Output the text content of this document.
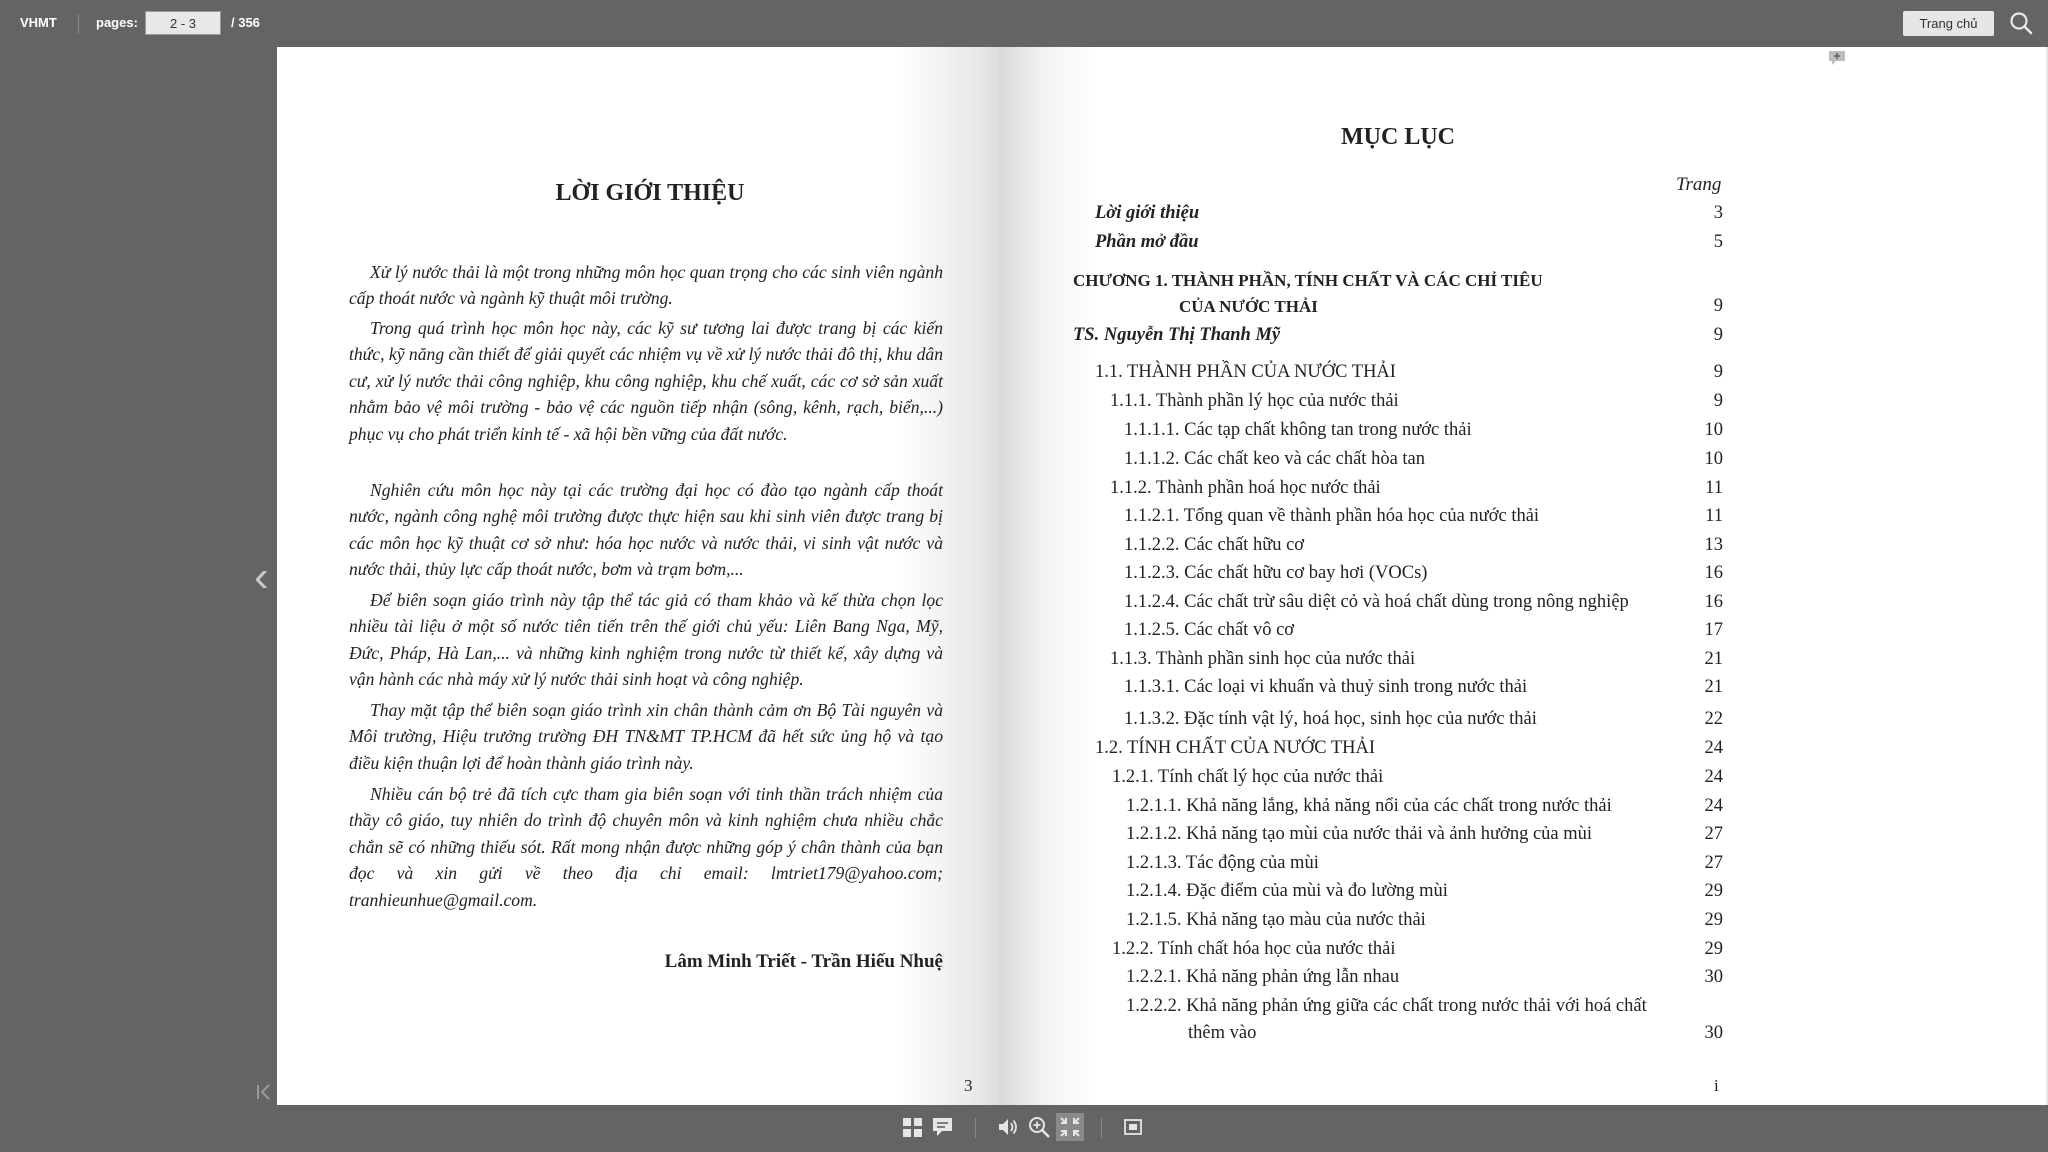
VHMT	pages:
2 - 3	/ 356	Trang chủ
‹
LỜI GIỚI THIỆU

Xử lý nước thải là một trong những môn học quan trọng cho các sinh viên ngành cấp thoát nước và ngành kỹ thuật môi trường.

Trong quá trình học môn học này, các kỹ sư tương lai được trang bị các kiến thức, kỹ năng cần thiết để giải quyết các nhiệm vụ về xử lý nước thải đô thị, khu dân cư, xử lý nước thải công nghiệp, khu công nghiệp, khu chế xuất, các cơ sở sản xuất nhằm bảo vệ môi trường - bảo vệ các nguồn tiếp nhận (sông, kênh, rạch, biển,...) phục vụ cho phát triển kinh tế - xã hội bền vững của đất nước.

Nghiên cứu môn học này tại các trường đại học có đào tạo ngành cấp thoát nước, ngành công nghệ môi trường được thực hiện sau khi sinh viên được trang bị các môn học kỹ thuật cơ sở như: hóa học nước và nước thải, vi sinh vật nước và nước thải, thủy lực cấp thoát nước, bơm và trạm bơm,...

Để biên soạn giáo trình này tập thể tác giả có tham khảo và kế thừa chọn lọc nhiều tài liệu ở một số nước tiên tiến trên thế giới chủ yếu: Liên Bang Nga, Mỹ, Đức, Pháp, Hà Lan,... và những kinh nghiệm trong nước từ thiết kế, xây dựng và vận hành các nhà máy xử lý nước thải sinh hoạt và công nghiệp.

Thay mặt tập thể biên soạn giáo trình xin chân thành cảm ơn Bộ Tài nguyên và Môi trường, Hiệu trưởng trường ĐH TN&MT TP.HCM đã hết sức ủng hộ và tạo điều kiện thuận lợi để hoàn thành giáo trình này.

Nhiều cán bộ trẻ đã tích cực tham gia biên soạn với tinh thần trách nhiệm của thầy cô giáo, tuy nhiên do trình độ chuyên môn và kinh nghiệm chưa nhiều chắc chắn sẽ có những thiếu sót. Rất mong nhận được những góp ý chân thành của bạn đọc và xin gửi về theo địa chỉ email: lmtriet179@yahoo.com; tranhieunhue@gmail.com.

Lâm Minh Triết - Trần Hiếu Nhuệ
3
MỤC LỤC
Trang
Lời giới thiệu	3
Phần mở đầu	5
CHƯƠNG 1. THÀNH PHẦN, TÍNH CHẤT VÀ CÁC CHỈ TIÊU
CỦA NƯỚC THẢI	9
TS. Nguyễn Thị Thanh Mỹ	9
1.1. THÀNH PHẦN CỦA NƯỚC THẢI	9
1.1.1. Thành phần lý học của nước thải	9
1.1.1.1. Các tạp chất không tan trong nước thải	10
1.1.1.2. Các chất keo và các chất hòa tan	10
1.1.2. Thành phần hoá học nước thải	11
1.1.2.1. Tổng quan về thành phần hóa học của nước thải	11
1.1.2.2. Các chất hữu cơ	13
1.1.2.3. Các chất hữu cơ bay hơi (VOCs)	16
1.1.2.4. Các chất trừ sâu diệt cỏ và hoá chất dùng trong nông nghiệp	16
1.1.2.5. Các chất vô cơ	17
1.1.3. Thành phần sinh học của nước thải	21
1.1.3.1. Các loại vi khuẩn và thuỷ sinh trong nước thải	21
1.1.3.2. Đặc tính vật lý, hoá học, sinh học của nước thải	22
1.2. TÍNH CHẤT CỦA NƯỚC THẢI	24
1.2.1. Tính chất lý học của nước thải	24
1.2.1.1. Khả năng lắng, khả năng nổi của các chất trong nước thải	24
1.2.1.2. Khả năng tạo mùi của nước thải và ảnh hưởng của mùi	27
1.2.1.3. Tác động của mùi	27
1.2.1.4. Đặc điểm của mùi và đo lường mùi	29
1.2.1.5. Khả năng tạo màu của nước thải	29
1.2.2. Tính chất hóa học của nước thải	29
1.2.2.1. Khả năng phản ứng lẫn nhau	30
1.2.2.2. Khả năng phản ứng giữa các chất trong nước thải với hoá chất
thêm vào	30
i
